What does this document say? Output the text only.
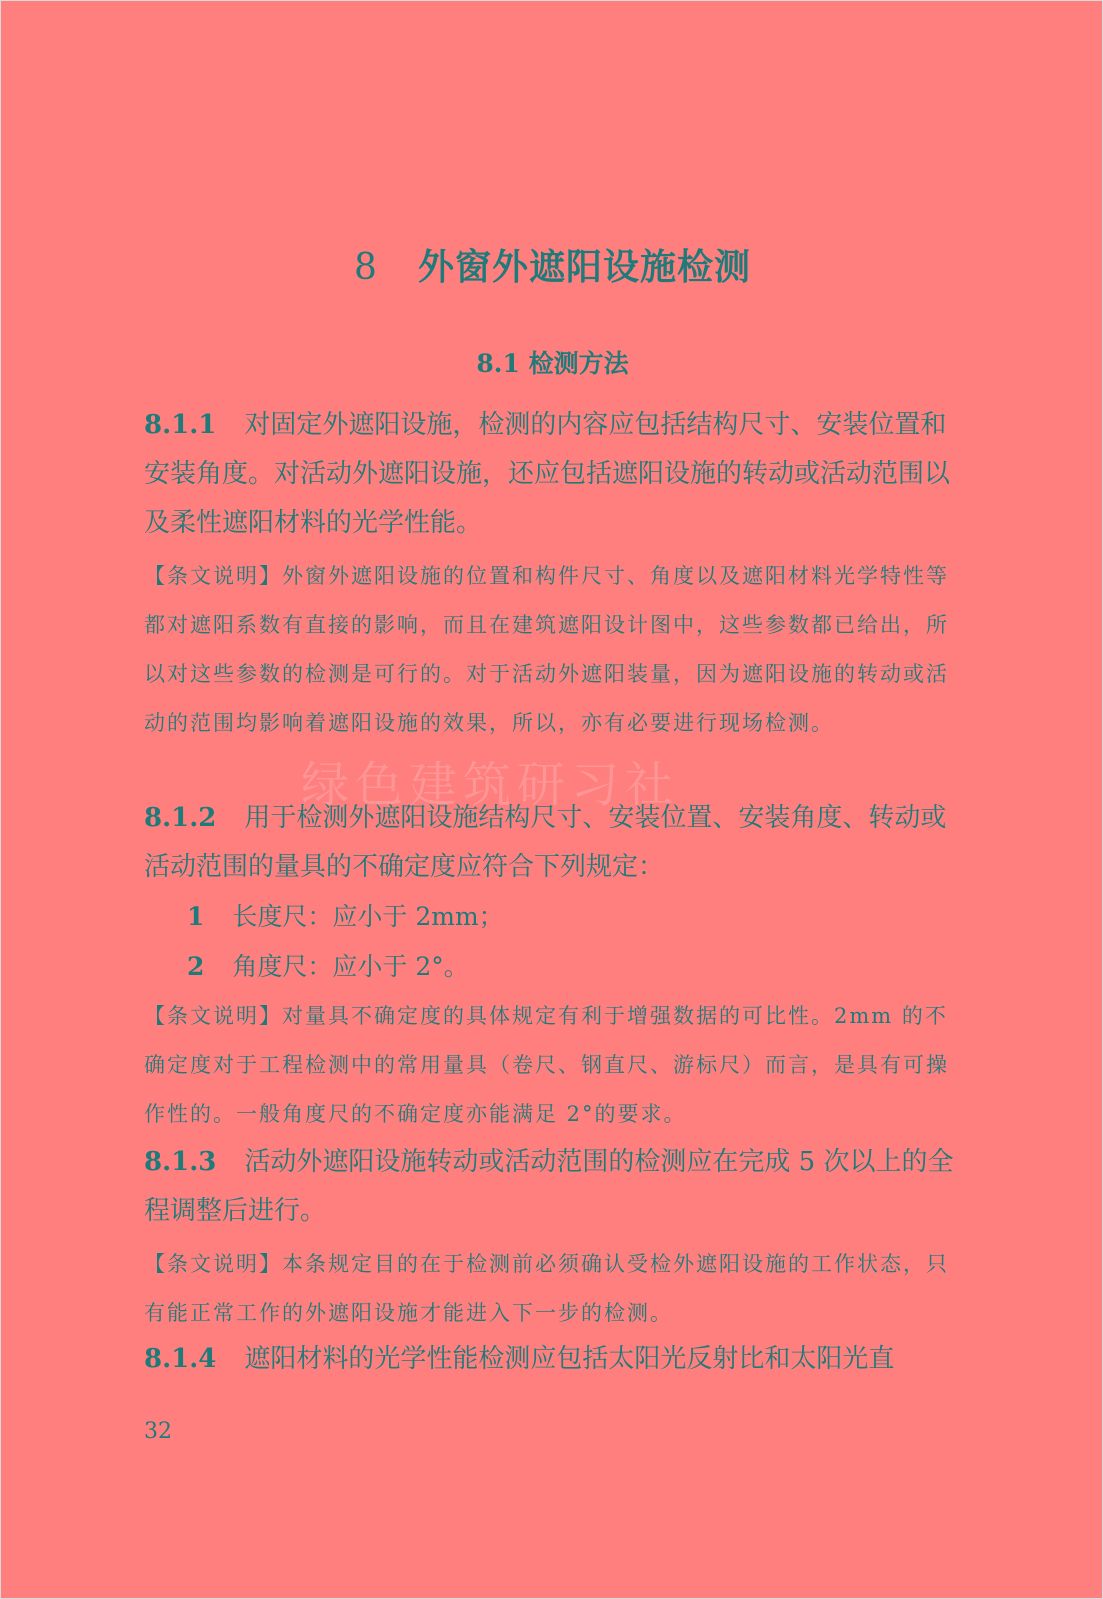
8 外窗外遮阳设施检测
8.1 检测方法
绿色建筑研习社

8.1.1 对固定外遮阳设施，检测的内容应包括结构尺寸、安装位置和安装角度。对活动外遮阳设施，还应包括遮阳设施的转动或活动范围以及柔性遮阳材料的光学性能。

【条文说明】外窗外遮阳设施的位置和构件尺寸、角度以及遮阳材料光学特性等都对遮阳系数有直接的影响，而且在建筑遮阳设计图中，这些参数都已给出，所以对这些参数的检测是可行的。对于活动外遮阳装量，因为遮阳设施的转动或活动的范围均影响着遮阳设施的效果，所以，亦有必要进行现场检测。

8.1.2 用于检测外遮阳设施结构尺寸、安装位置、安装角度、转动或活动范围的量具的不确定度应符合下列规定：

1 长度尺：应小于 2mm；

2 角度尺：应小于 2°。

【条文说明】对量具不确定度的具体规定有利于增强数据的可比性。2mm 的不确定度对于工程检测中的常用量具（卷尺、钢直尺、游标尺）而言，是具有可操作性的。一般角度尺的不确定度亦能满足 2°的要求。

8.1.3 活动外遮阳设施转动或活动范围的检测应在完成 5 次以上的全程调整后进行。

【条文说明】本条规定目的在于检测前必须确认受检外遮阳设施的工作状态，只有能正常工作的外遮阳设施才能进入下一步的检测。

8.1.4 遮阳材料的光学性能检测应包括太阳光反射比和太阳光直

32
